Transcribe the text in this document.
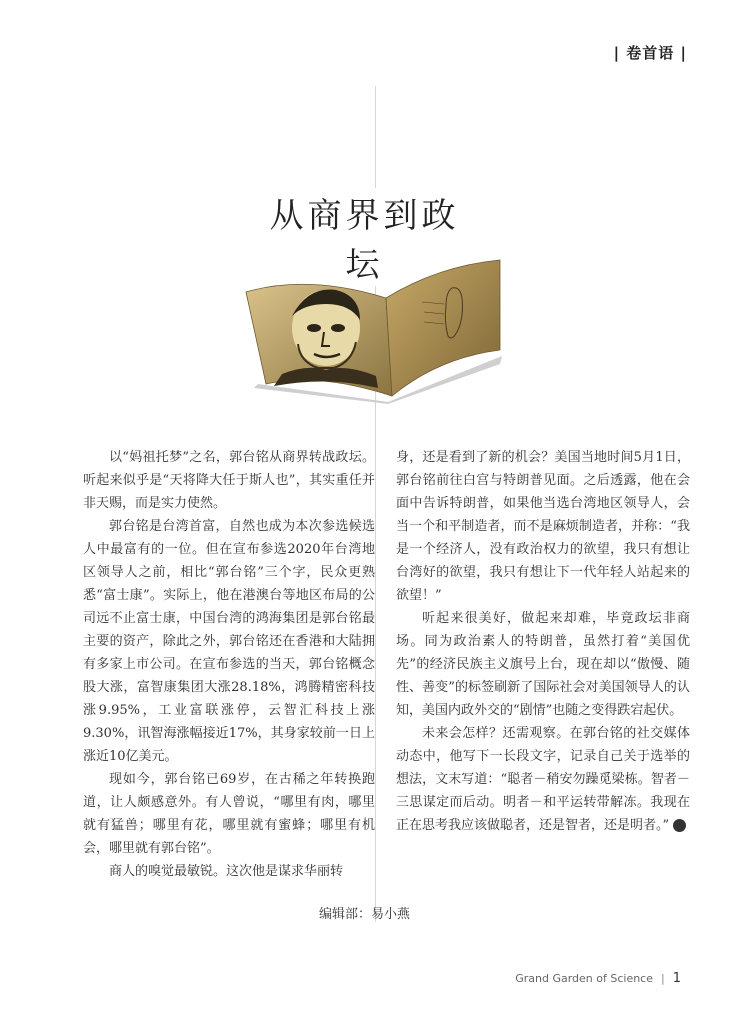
| 卷首语 |
从商界到政坛

以“妈祖托梦”之名，郭台铭从商界转战政坛。听起来似乎是“天将降大任于斯人也”，其实重任并非天赐，而是实力使然。

郭台铭是台湾首富，自然也成为本次参选候选人中最富有的一位。但在宣布参选2020年台湾地区领导人之前，相比“郭台铭”三个字，民众更熟悉“富士康”。实际上，他在港澳台等地区布局的公司远不止富士康，中国台湾的鸿海集团是郭台铭最主要的资产，除此之外，郭台铭还在香港和大陆拥有多家上市公司。在宣布参选的当天，郭台铭概念股大涨，富智康集团大涨28.18%，鸿腾精密科技涨9.95%，工业富联涨停，云智汇科技上涨9.30%，讯智海涨幅接近17%，其身家较前一日上涨近10亿美元。

现如今，郭台铭已69岁，在古稀之年转换跑道，让人颇感意外。有人曾说，“哪里有肉，哪里就有猛兽；哪里有花，哪里就有蜜蜂；哪里有机会，哪里就有郭台铭”。

商人的嗅觉最敏锐。这次他是谋求华丽转

身，还是看到了新的机会？美国当地时间5月1日，郭台铭前往白宫与特朗普见面。之后透露，他在会面中告诉特朗普，如果他当选台湾地区领导人，会当一个和平制造者，而不是麻烦制造者，并称：“我是一个经济人，没有政治权力的欲望，我只有想让台湾好的欲望，我只有想让下一代年轻人站起来的欲望！”

听起来很美好，做起来却难，毕竟政坛非商场。同为政治素人的特朗普，虽然打着“美国优先”的经济民族主义旗号上台，现在却以“傲慢、随性、善变”的标签刷新了国际社会对美国领导人的认知，美国内政外交的“剧情”也随之变得跌宕起伏。

未来会怎样？还需观察。在郭台铭的社交媒体动态中，他写下一长段文字，记录自己关于选举的想法，文末写道：“聪者－稍安勿躁觅梁栋。智者－三思谋定而后动。明者－和平运转带解冻。我现在正在思考我应该做聪者，还是智者，还是明者。”	S

编辑部：易小燕
Grand Garden of Science | 1
